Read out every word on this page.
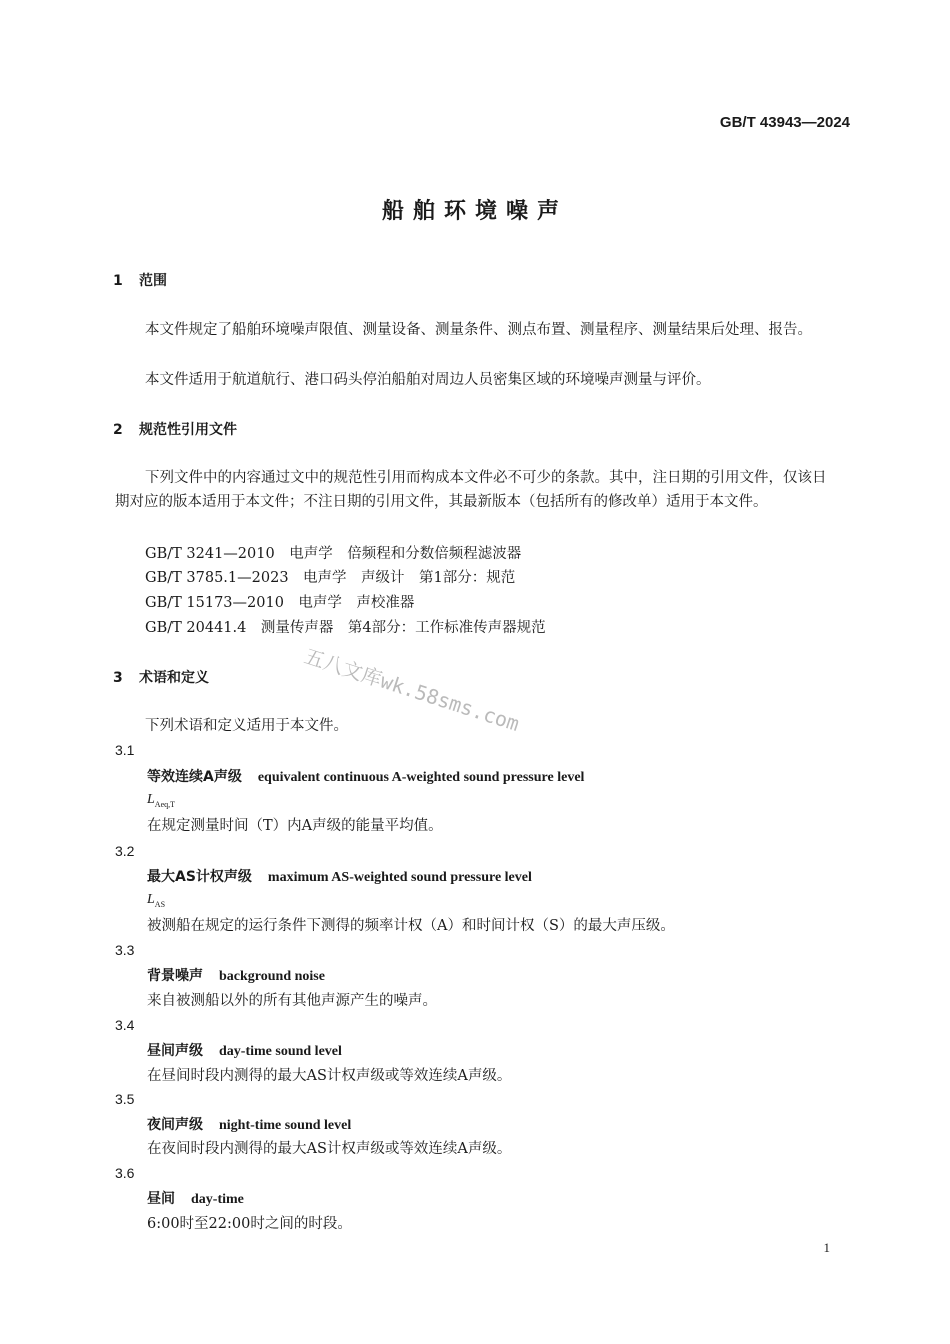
GB/T 43943—2024
船舶环境噪声
1 范围
本文件规定了船舶环境噪声限值、测量设备、测量条件、测点布置、测量程序、测量结果后处理、报告。
本文件适用于航道航行、港口码头停泊船舶对周边人员密集区域的环境噪声测量与评价。
2 规范性引用文件
下列文件中的内容通过文中的规范性引用而构成本文件必不可少的条款。其中，注日期的引用文件，仅该日期对应的版本适用于本文件；不注日期的引用文件，其最新版本（包括所有的修改单）适用于本文件。
GB/T 3241—2010　电声学　倍频程和分数倍频程滤波器
GB/T 3785.1—2023　电声学　声级计　第1部分：规范
GB/T 15173—2010　电声学　声校准器
GB/T 20441.4　测量传声器　第4部分：工作标准传声器规范
3 术语和定义
下列术语和定义适用于本文件。
3.1
等效连续A声级 equivalent continuous A-weighted sound pressure level
$L_{Aeq,T}$
在规定测量时间（T）内A声级的能量平均值。
3.2
最大AS计权声级 maximum AS-weighted sound pressure level
$L_{AS}$
被测船在规定的运行条件下测得的频率计权（A）和时间计权（S）的最大声压级。
3.3
背景噪声 background noise
来自被测船以外的所有其他声源产生的噪声。
3.4
昼间声级 day-time sound level
在昼间时段内测得的最大AS计权声级或等效连续A声级。
3.5
夜间声级 night-time sound level
在夜间时段内测得的最大AS计权声级或等效连续A声级。
3.6
昼间 day-time
6:00时至22:00时之间的时段。
1
五八文库wk.58sms.com
